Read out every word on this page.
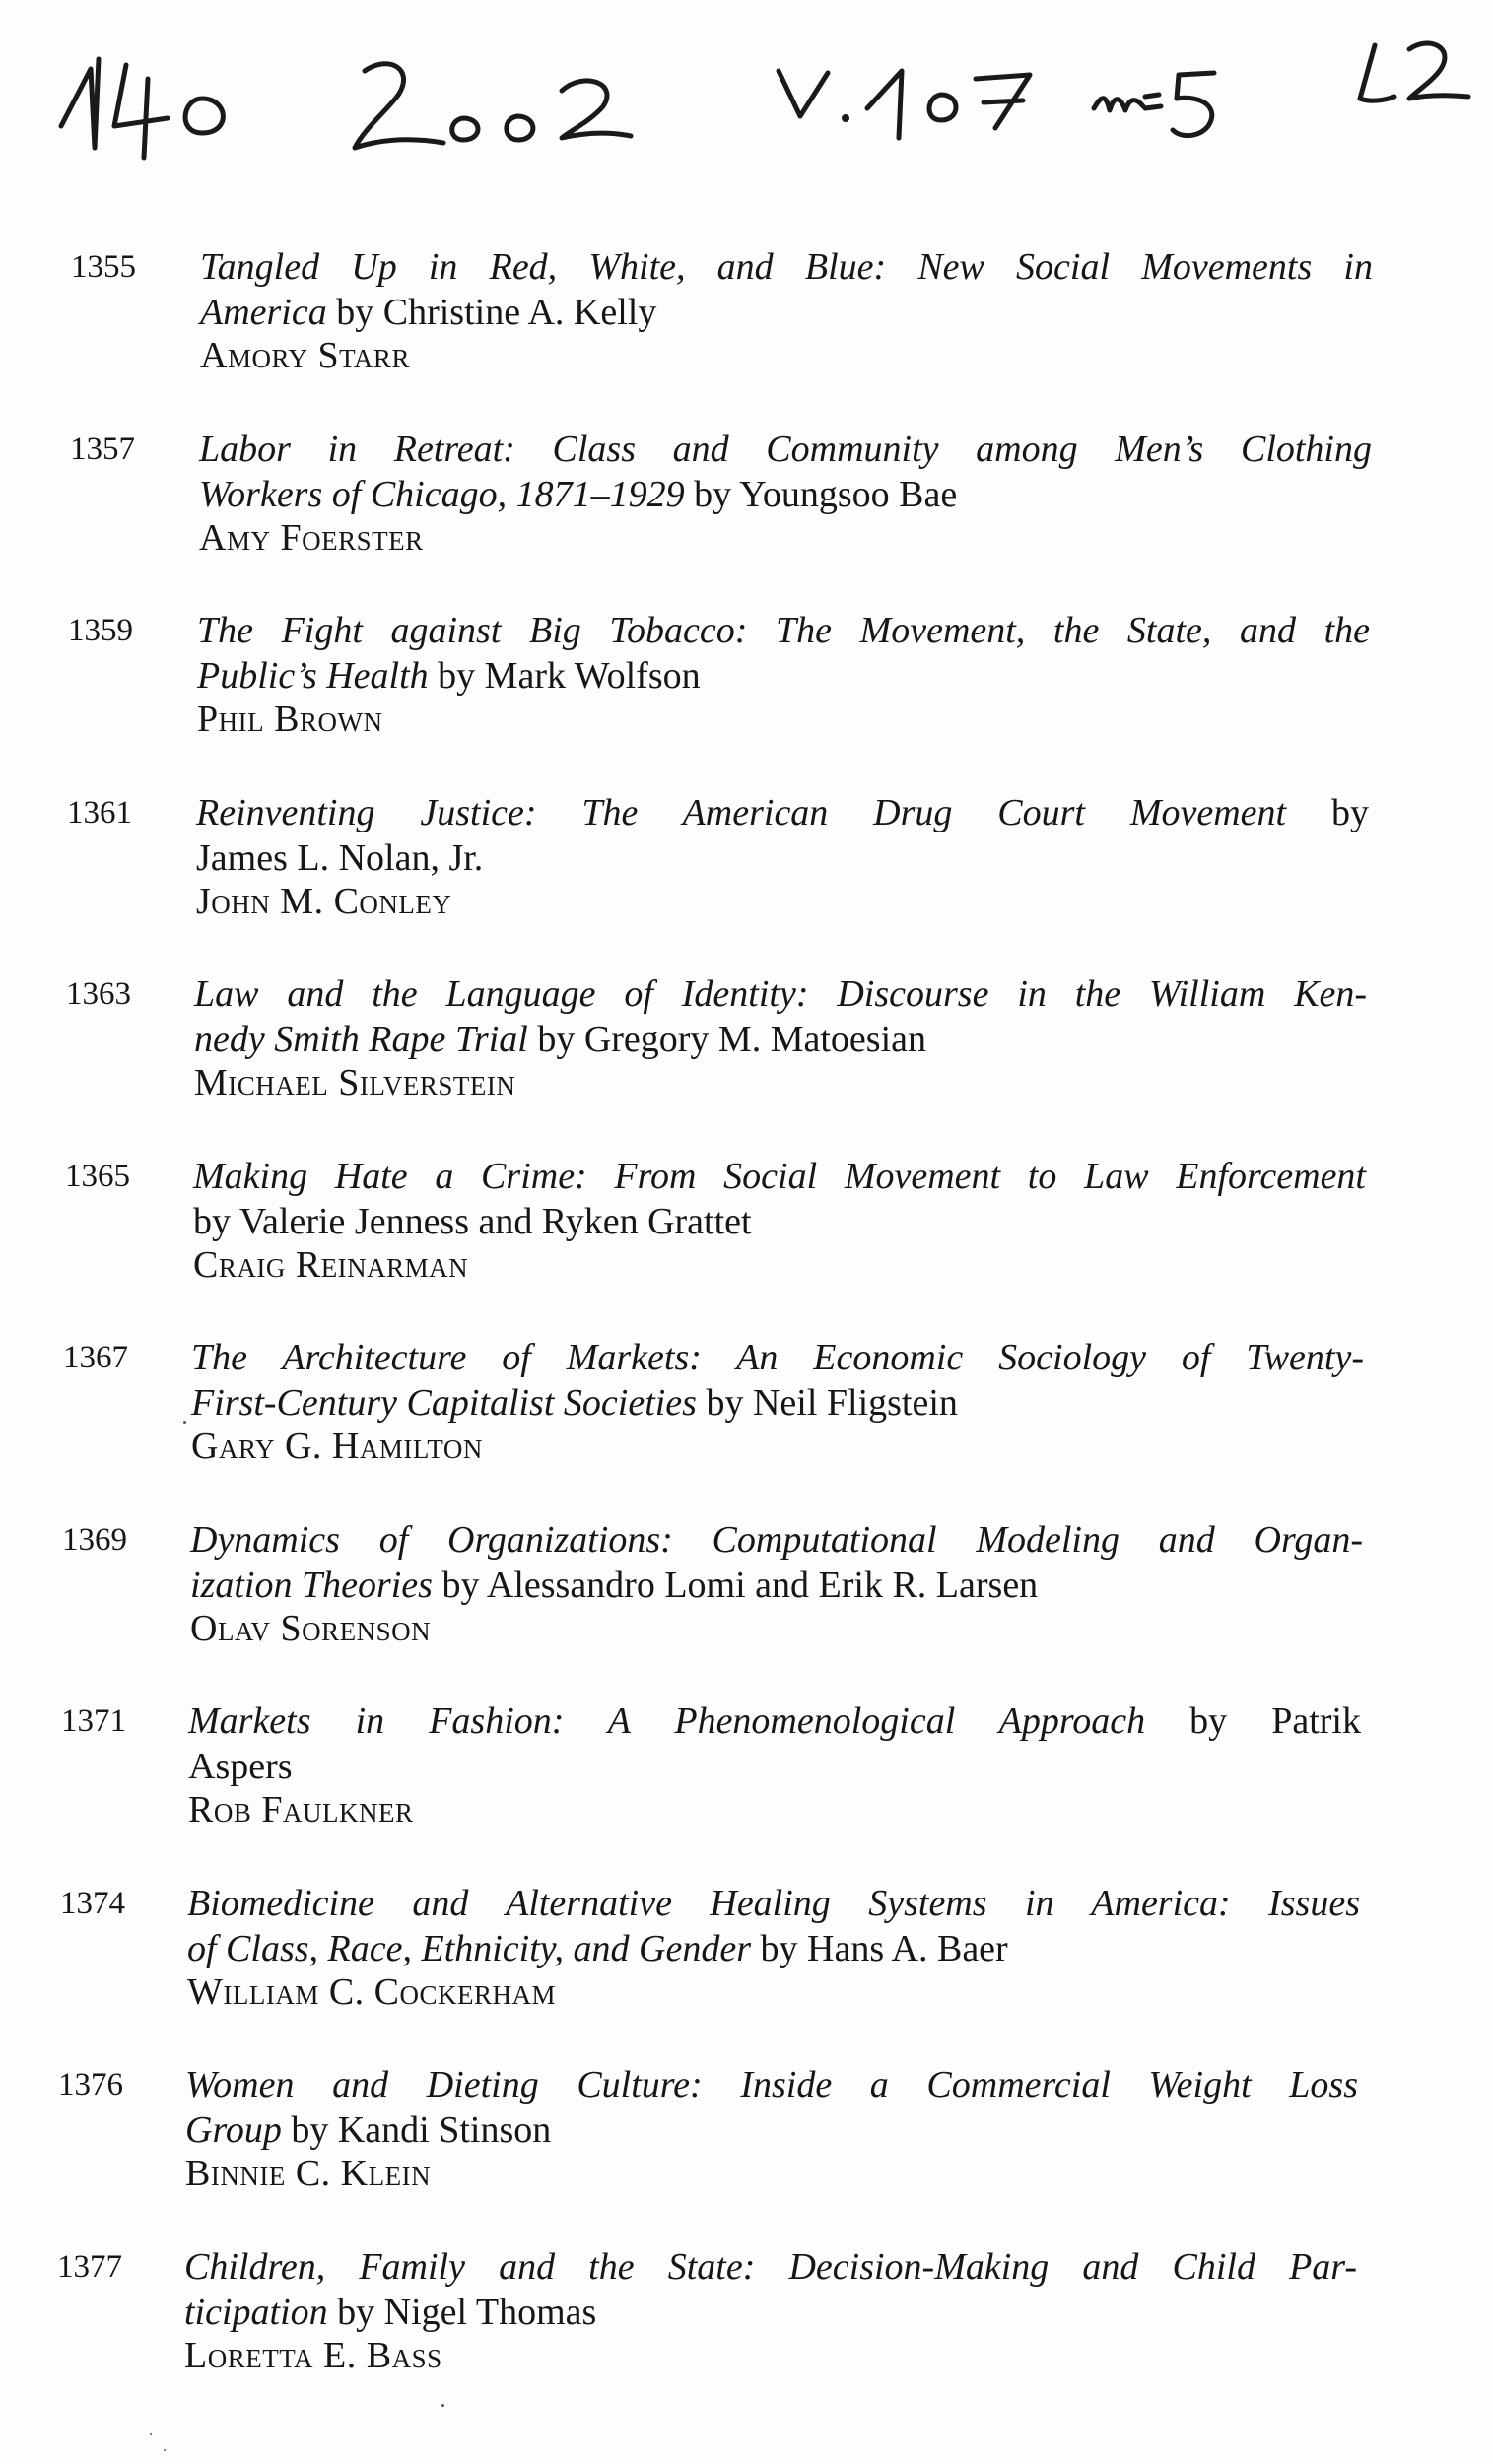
1355	Tangled Up in Red, White, and Blue: New Social Movements in
America by Christine A. Kelly
Amory Starr
1357	Labor in Retreat: Class and Community among Men’s Clothing
Workers of Chicago, 1871–1929 by Youngsoo Bae
Amy Foerster
1359	The Fight against Big Tobacco: The Movement, the State, and the
Public’s Health by Mark Wolfson
Phil Brown
1361	Reinventing Justice: The American Drug Court Movement by
James L. Nolan, Jr.
John M. Conley
1363	Law and the Language of Identity: Discourse in the William Ken-
nedy Smith Rape Trial by Gregory M. Matoesian
Michael Silverstein
1365	Making Hate a Crime: From Social Movement to Law Enforcement
by Valerie Jenness and Ryken Grattet
Craig Reinarman
1367	The Architecture of Markets: An Economic Sociology of Twenty-
First-Century Capitalist Societies by Neil Fligstein
Gary G. Hamilton
1369	Dynamics of Organizations: Computational Modeling and Organ-
ization Theories by Alessandro Lomi and Erik R. Larsen
Olav Sorenson
1371	Markets in Fashion: A Phenomenological Approach by Patrik
Aspers
Rob Faulkner
1374	Biomedicine and Alternative Healing Systems in America: Issues
of Class, Race, Ethnicity, and Gender by Hans A. Baer
William C. Cockerham
1376	Women and Dieting Culture: Inside a Commercial Weight Loss
Group by Kandi Stinson
Binnie C. Klein
1377	Children, Family and the State: Decision-Making and Child Par-
ticipation by Nigel Thomas
Loretta E. Bass
